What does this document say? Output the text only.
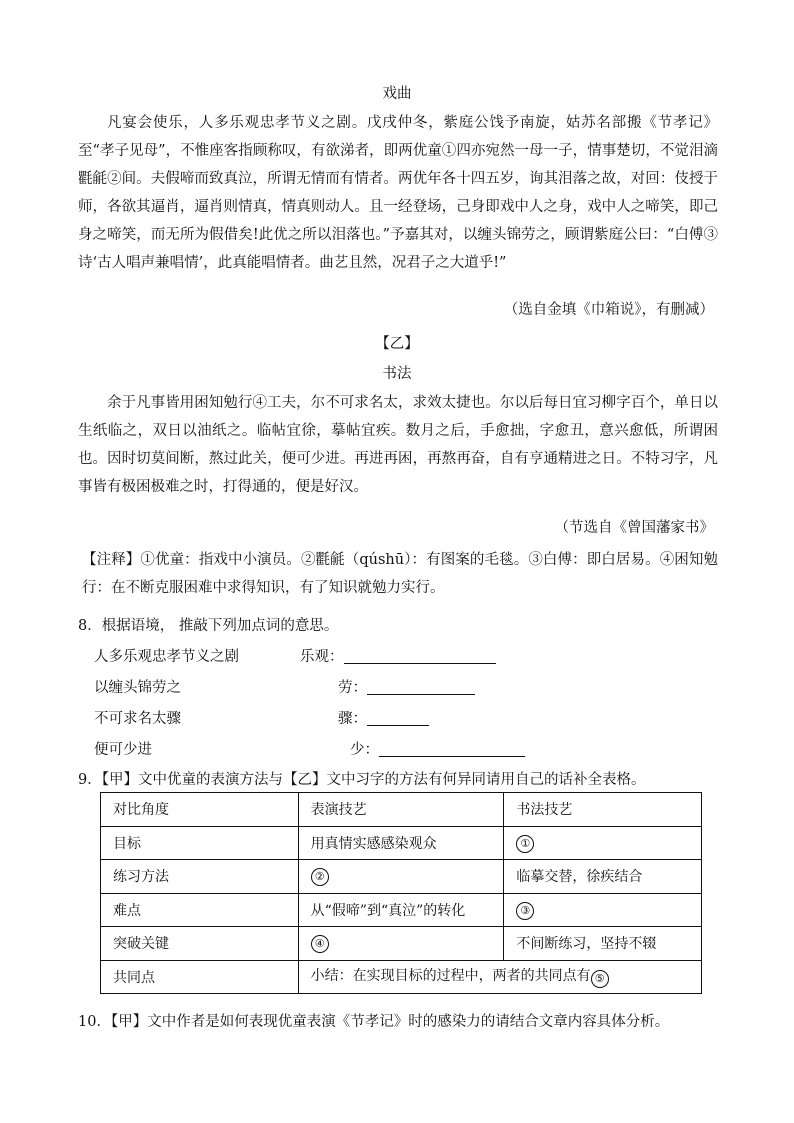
戏曲
凡宴会使乐，人多乐观忠孝节义之剧。戊戌仲冬，紫庭公饯予南旋，姑苏名部搬《节孝记》至“孝子见母”，不惟座客指顾称叹，有欲涕者，即两优童①四亦宛然一母一子，情事楚切，不觉泪滴氍毹②间。夫假啼而致真泣，所谓无情而有情者。两优年各十四五岁，询其泪落之故，对回：伎授于师，各欲其逼肖，逼肖则情真，情真则动人。且一经登场，己身即戏中人之身，戏中人之啼笑，即己身之啼笑，而无所为假借矣!此优之所以泪落也。”予嘉其对，以缠头锦劳之，顾谓紫庭公曰：“白傅③诗‘古人唱声兼唱情’，此真能唱情者。曲艺且然，况君子之大道乎!”
（选自金填《巾箱说》，有删减）
【乙】
书法
余于凡事皆用困知勉行④工夫，尔不可求名太，求效太捷也。尔以后每日宜习柳字百个，单日以生纸临之，双日以油纸之。临帖宜徐，摹帖宜疾。数月之后，手愈拙，字愈丑，意兴愈低，所谓困也。因时切莫间断，熬过此关，便可少进。再进再困，再熬再奋，自有亨通精进之日。不特习字，凡事皆有极困极难之时，打得通的，便是好汉。
（节选自《曾国藩家书》
【注释】①优童：指戏中小演员。②氍毹（qúshū）：有图案的毛毯。③白傅：即白居易。④困知勉行：在不断克服困难中求得知识，有了知识就勉力实行。
8．根据语境， 推敲下列加点词的意思。
人多乐观忠孝节义之剧	乐观：
以缠头锦劳之	劳：
不可求名太骤	骤：
便可少进	少：
9．【甲】文中优童的表演方法与【乙】文中习字的方法有何异同请用自己的话补全表格。
对比角度	表演技艺	书法技艺
目标	用真情实感感染观众	①
练习方法	②	临摹交替，徐疾结合
难点	从“假啼”到“真泣”的转化	③
突破关键	④	不间断练习，坚持不辍
共同点	小结：在实现目标的过程中，两者的共同点有 ⑤	
10．【甲】文中作者是如何表现优童表演《节孝记》时的感染力的请结合文章内容具体分析。
